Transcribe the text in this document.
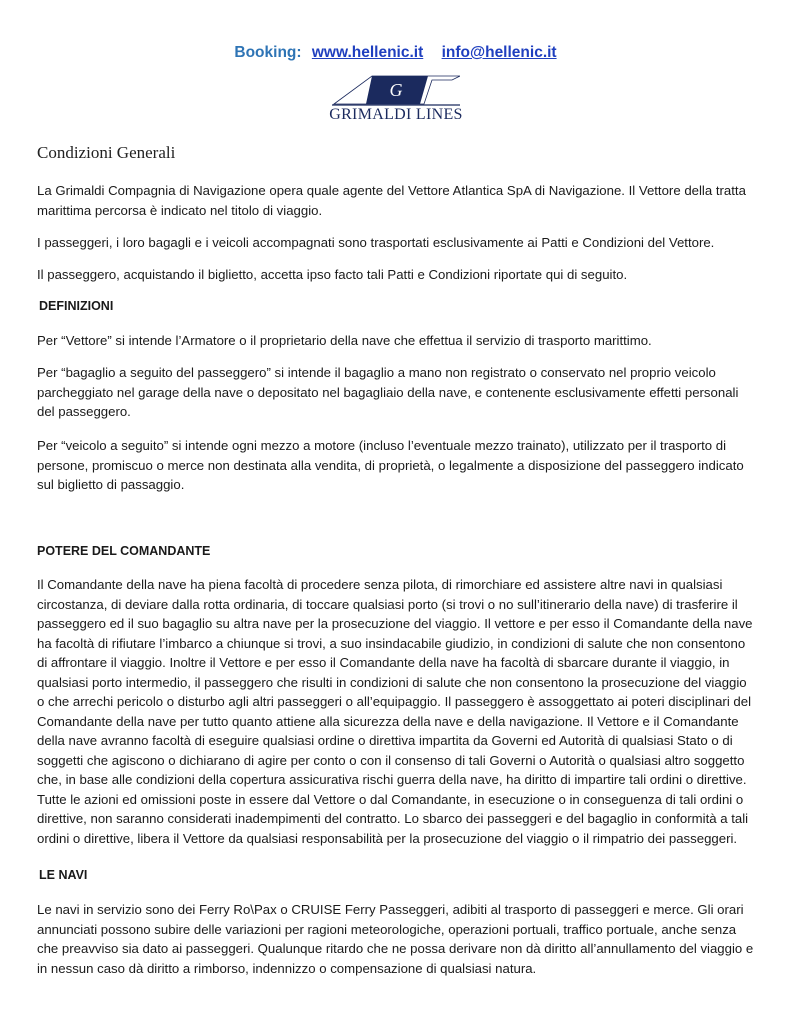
Booking: www.hellenic.it info@hellenic.it
G
GRIMALDI LINES
Condizioni Generali
La Grimaldi Compagnia di Navigazione opera quale agente del Vettore Atlantica SpA di Navigazione. Il Vettore della tratta marittima percorsa è indicato nel titolo di viaggio.
I passeggeri, i loro bagagli e i veicoli accompagnati sono trasportati esclusivamente ai Patti e Condizioni del Vettore.
Il passeggero, acquistando il biglietto, accetta ipso facto tali Patti e Condizioni riportate qui di seguito.
DEFINIZIONI
Per “Vettore” si intende l’Armatore o il proprietario della nave che effettua il servizio di trasporto marittimo.
Per “bagaglio a seguito del passeggero” si intende il bagaglio a mano non registrato o conservato nel proprio veicolo parcheggiato nel garage della nave o depositato nel bagagliaio della nave, e contenente esclusivamente effetti personali del passeggero.
Per “veicolo a seguito” si intende ogni mezzo a motore (incluso l’eventuale mezzo trainato), utilizzato per il trasporto di persone, promiscuo o merce non destinata alla vendita, di proprietà, o legalmente a disposizione del passeggero indicato sul biglietto di passaggio.
POTERE DEL COMANDANTE
Il Comandante della nave ha piena facoltà di procedere senza pilota, di rimorchiare ed assistere altre navi in qualsiasi circostanza, di deviare dalla rotta ordinaria, di toccare qualsiasi porto (si trovi o no sull’itinerario della nave) di trasferire il passeggero ed il suo bagaglio su altra nave per la prosecuzione del viaggio. Il vettore e per esso il Comandante della nave ha facoltà di rifiutare l’imbarco a chiunque si trovi, a suo insindacabile giudizio, in condizioni di salute che non consentono di affrontare il viaggio. Inoltre il Vettore e per esso il Comandante della nave ha facoltà di sbarcare durante il viaggio, in qualsiasi porto intermedio, il passeggero che risulti in condizioni di salute che non consentono la prosecuzione del viaggio o che arrechi pericolo o disturbo agli altri passeggeri o all’equipaggio. Il passeggero è assoggettato ai poteri disciplinari del Comandante della nave per tutto quanto attiene alla sicurezza della nave e della navigazione. Il Vettore e il Comandante della nave avranno facoltà di eseguire qualsiasi ordine o direttiva impartita da Governi ed Autorità di qualsiasi Stato o di soggetti che agiscono o dichiarano di agire per conto o con il consenso di tali Governi o Autorità o qualsiasi altro soggetto che, in base alle condizioni della copertura assicurativa rischi guerra della nave, ha diritto di impartire tali ordini o direttive. Tutte le azioni ed omissioni poste in essere dal Vettore o dal Comandante, in esecuzione o in conseguenza di tali ordini o direttive, non saranno considerati inadempimenti del contratto. Lo sbarco dei passeggeri e del bagaglio in conformità a tali ordini o direttive, libera il Vettore da qualsiasi responsabilità per la prosecuzione del viaggio o il rimpatrio dei passeggeri.
LE NAVI
Le navi in servizio sono dei Ferry Ro\Pax o CRUISE Ferry Passeggeri, adibiti al trasporto di passeggeri e merce. Gli orari annunciati possono subire delle variazioni per ragioni meteorologiche, operazioni portuali, traffico portuale, anche senza che preavviso sia dato ai passeggeri. Qualunque ritardo che ne possa derivare non dà diritto all’annullamento del viaggio e in nessun caso dà diritto a rimborso, indennizzo o compensazione di qualsiasi natura.
